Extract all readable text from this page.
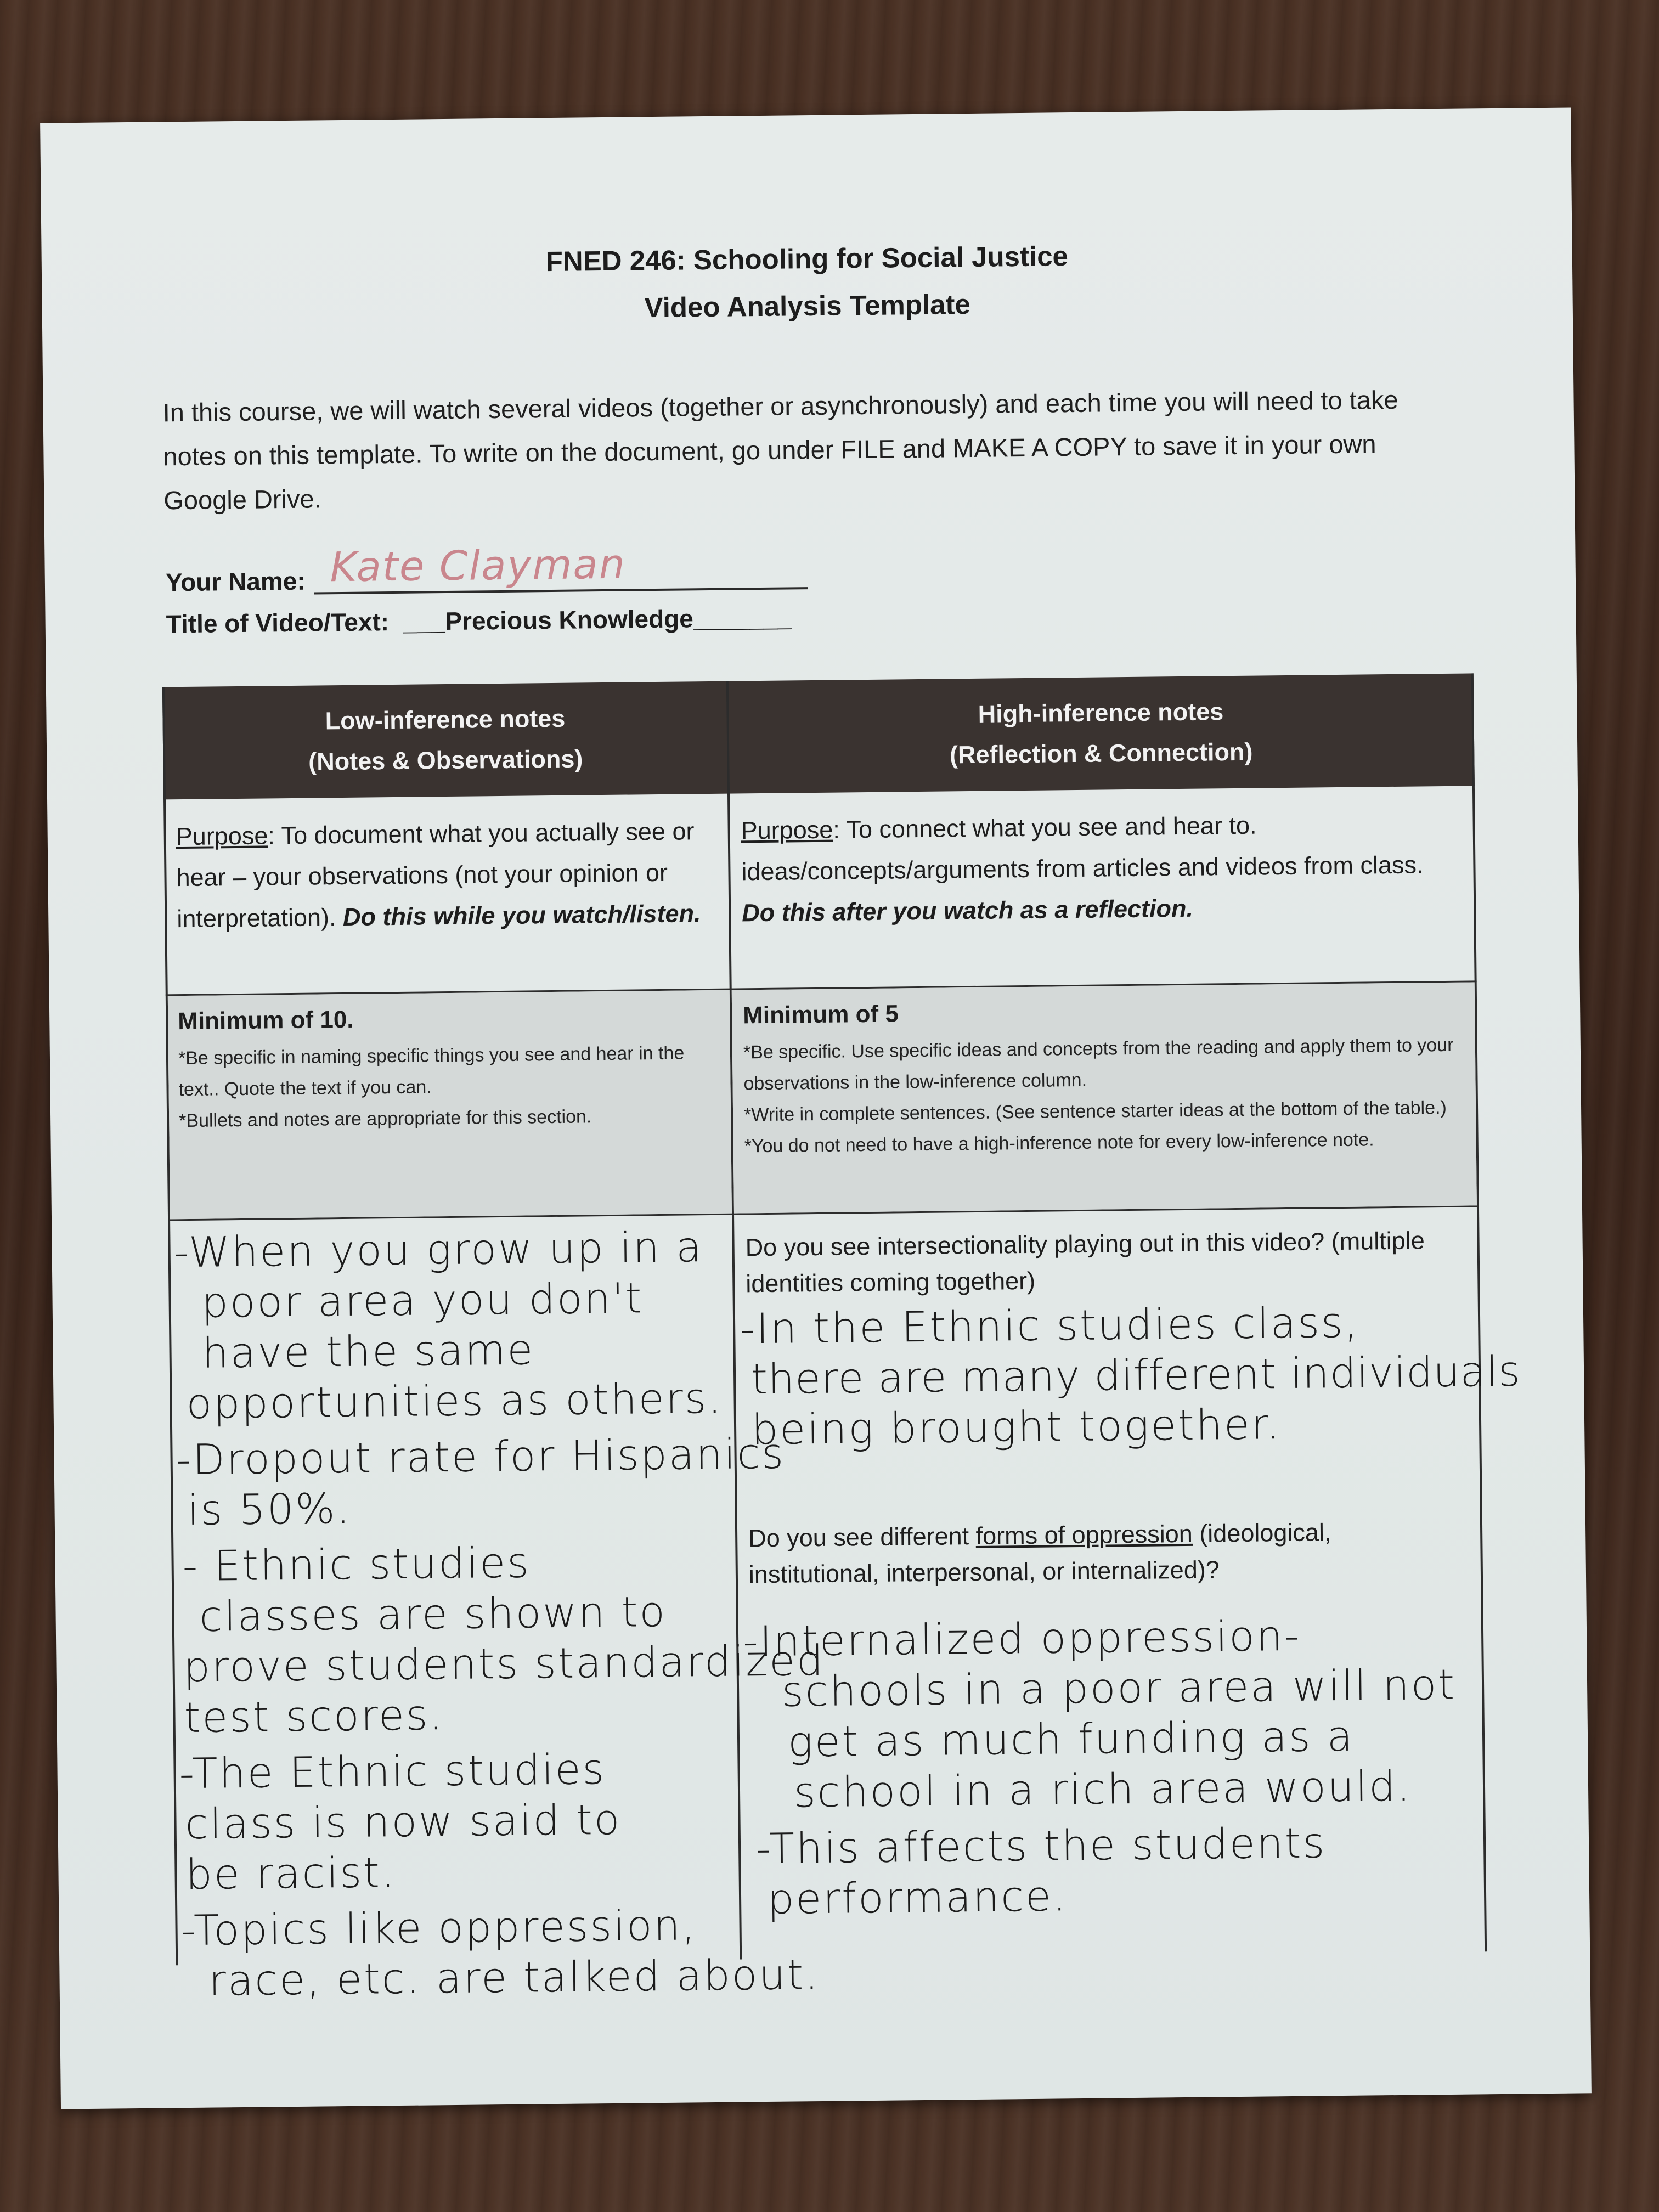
FNED 246: Schooling for Social Justice
Video Analysis Template
In this course, we will watch several videos (together or asynchronously) and each time you will need to take
notes on this template. To write on the document, go under FILE and MAKE A COPY to save it in your own
Google Drive.
Your Name: Kate Clayman
Title of Video/Text: ___Precious Knowledge_______
Low-inference notes
(Notes & Observations)
High-inference notes
(Reflection & Connection)
Purpose: To document what you actually see or hear – your observations (not your opinion or interpretation). Do this while you watch/listen.
Purpose: To connect what you see and hear to. ideas/concepts/arguments from articles and videos from class. Do this after you watch as a reflection.
Minimum of 10.
*Be specific in naming specific things you see and hear in the text.. Quote the text if you can.
*Bullets and notes are appropriate for this section.
Minimum of 5
*Be specific. Use specific ideas and concepts from the reading and apply them to your observations in the low-inference column.
*Write in complete sentences. (See sentence starter ideas at the bottom of the table.)
*You do not need to have a high-inference note for every low-inference note.
Do you see intersectionality playing out in this video? (multiple identities coming together)
Do you see different forms of oppression (ideological, institutional, interpersonal, or internalized)?
-When you grow up in a
poor area you don't
have the same
opportunities as others.
-Dropout rate for Hispanics
is 50%.
- Ethnic studies
classes are shown to
prove students standardized
test scores.
-The Ethnic studies
class is now said to
be racist.
-Topics like oppression,
race, etc. are talked about.
-In the Ethnic studies class,
there are many different individuals
being brought together.
-Internalized oppression-
schools in a poor area will not
get as much funding as a
school in a rich area would.
-This affects the students
performance.
